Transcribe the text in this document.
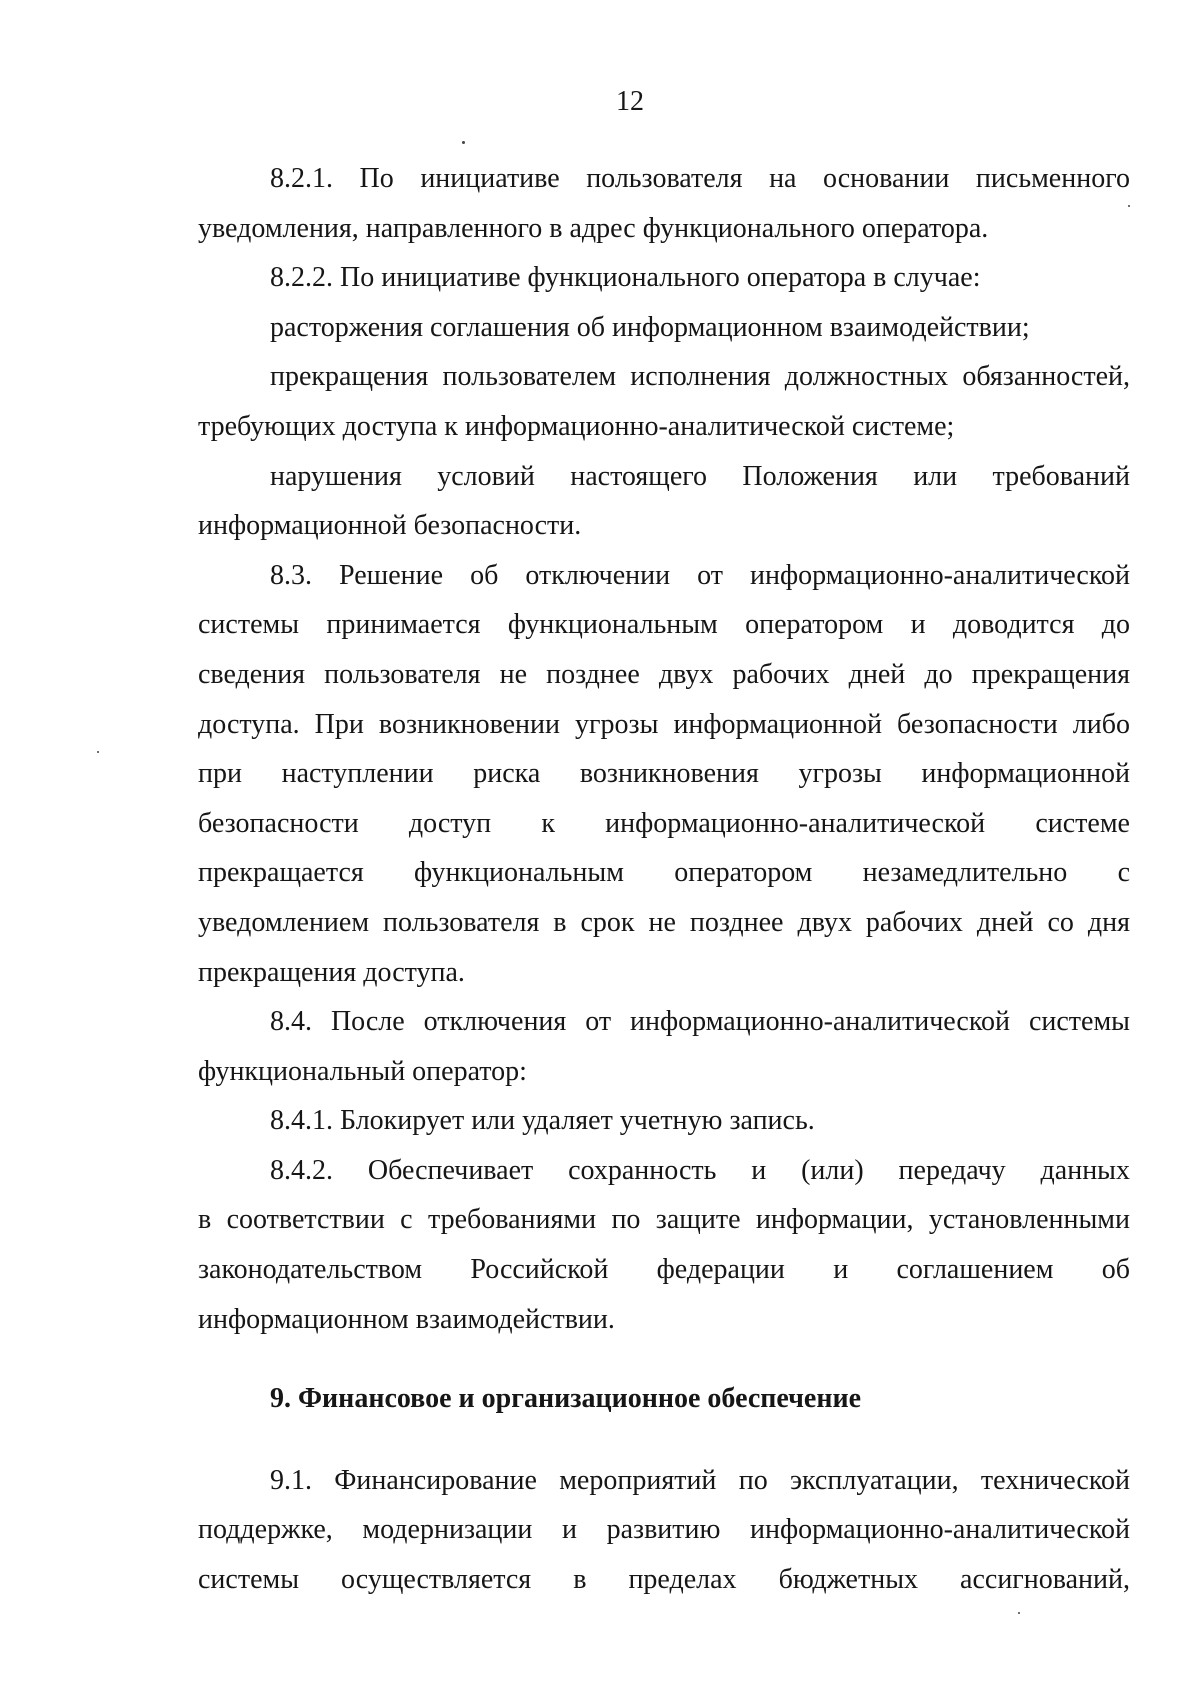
12
8.2.1. По инициативе пользователя на основании письменного
уведомления, направленного в адрес функционального оператора.
8.2.2. По инициативе функционального оператора в случае:
расторжения соглашения об информационном взаимодействии;
прекращения пользователем исполнения должностных обязанностей,
требующих доступа к информационно-аналитической системе;
нарушения условий настоящего Положения или требований
информационной безопасности.
8.3. Решение об отключении от информационно-аналитической
системы принимается функциональным оператором и доводится до
сведения пользователя не позднее двух рабочих дней до прекращения
доступа. При возникновении угрозы информационной безопасности либо
при наступлении риска возникновения угрозы информационной
безопасности доступ к информационно-аналитической системе
прекращается функциональным оператором незамедлительно с
уведомлением пользователя в срок не позднее двух рабочих дней со дня
прекращения доступа.
8.4. После отключения от информационно-аналитической системы
функциональный оператор:
8.4.1. Блокирует или удаляет учетную запись.
8.4.2. Обеспечивает сохранность и (или) передачу данных
в соответствии с требованиями по защите информации, установленными
законодательством Российской федерации и соглашением об
информационном взаимодействии.
9. Финансовое и организационное обеспечение
9.1. Финансирование мероприятий по эксплуатации, технической
поддержке, модернизации и развитию информационно-аналитической
системы осуществляется в пределах бюджетных ассигнований,
